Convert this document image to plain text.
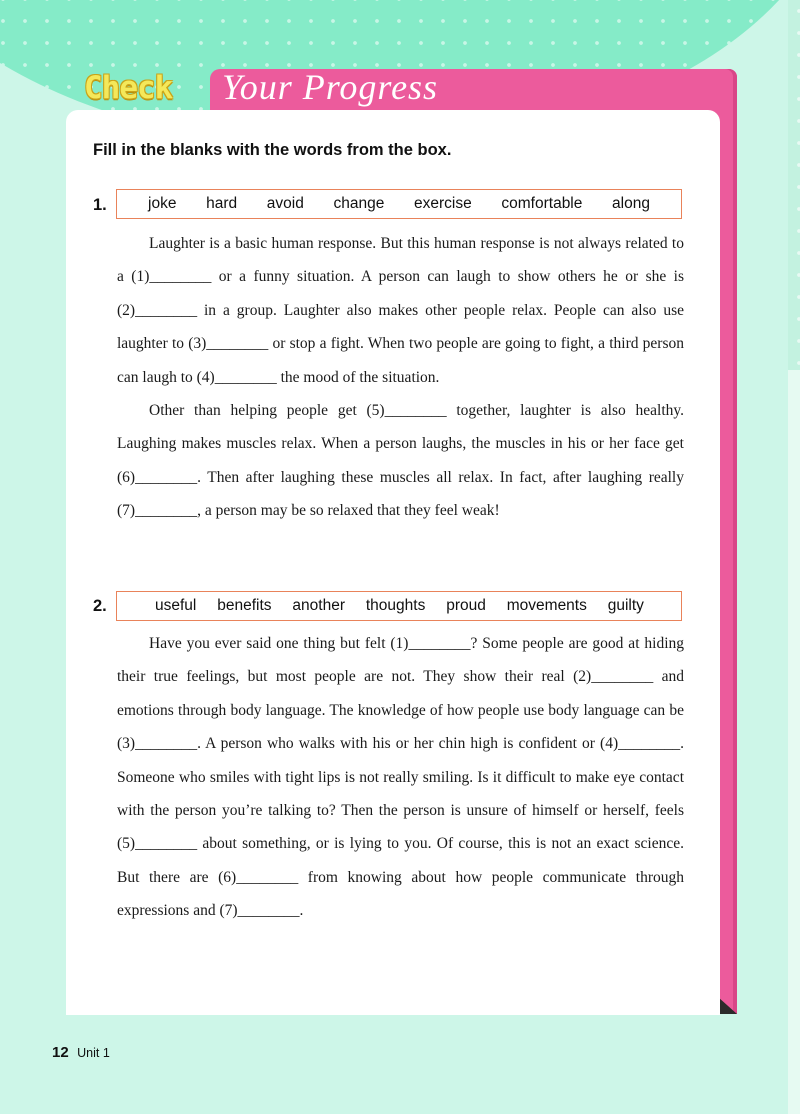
Check Your Progress
Fill in the blanks with the words from the box.
1.	joke hard avoid change exercise comfortable along

Laughter is a basic human response. But this human response is not always related to a (1)________ or a funny situation. A person can laugh to show others he or she is (2)________ in a group. Laughter also makes other people relax. People can also use laughter to (3)________ or stop a fight. When two people are going to fight, a third person can laugh to (4)________ the mood of the situation.

Other than helping people get (5)________ together, laughter is also healthy. Laughing makes muscles relax. When a person laughs, the muscles in his or her face get (6)________. Then after laughing these muscles all relax. In fact, after laughing really (7)________, a person may be so relaxed that they feel weak!

2.	useful benefits another thoughts proud movements guilty

Have you ever said one thing but felt (1)________? Some people are good at hiding their true feelings, but most people are not. They show their real (2)________ and emotions through body language. The knowledge of how people use body language can be (3)________. A person who walks with his or her chin high is confident or (4)________. Someone who smiles with tight lips is not really smiling. Is it difficult to make eye contact with the person you’re talking to? Then the person is unsure of himself or herself, feels (5)________ about something, or is lying to you. Of course, this is not an exact science. But there are (6)________ from knowing about how people communicate through expressions and (7)________.

12 Unit 1
